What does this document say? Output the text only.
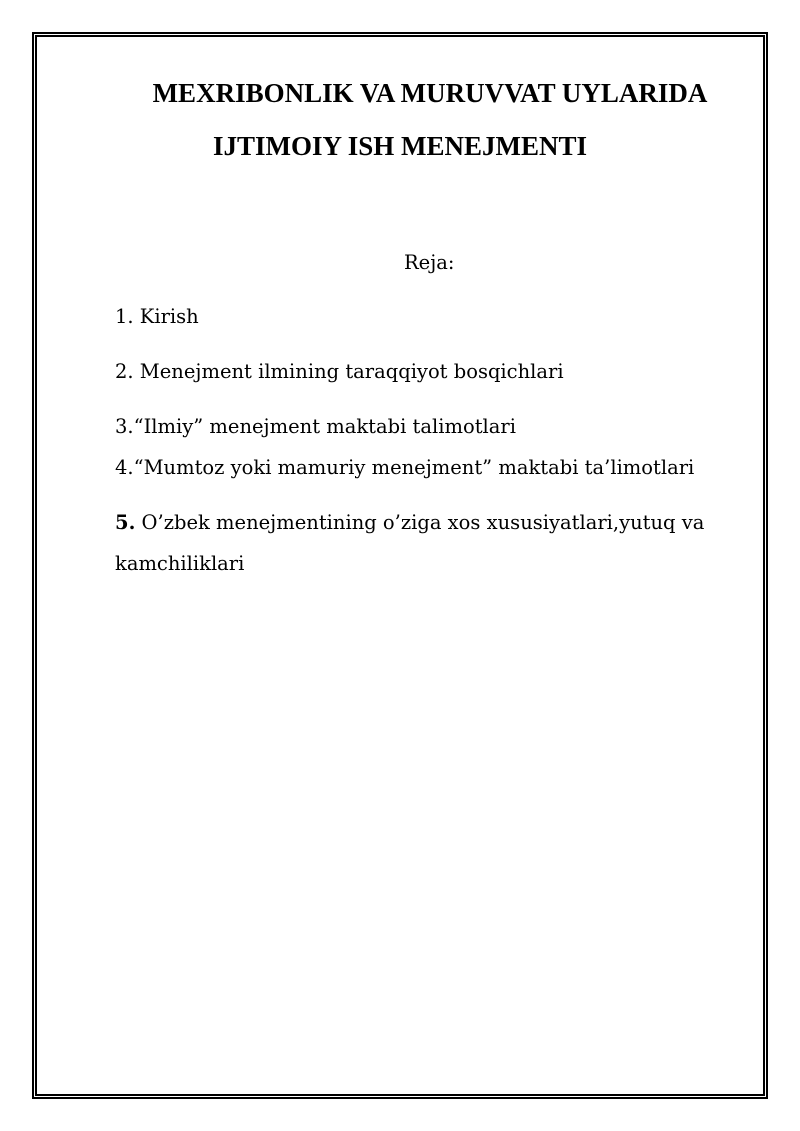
MEXRIBONLIK VA MURUVVAT UYLARIDA
IJTIMOIY ISH MENEJMENTI

Reja:

1. Kirish

2. Menejment ilmining taraqqiyot bosqichlari

3.“Ilmiy” menejment maktabi talimotlari

4.“Mumtoz yoki mamuriy menejment” maktabi ta’limotlari

5. O’zbek menejmentining o’ziga xos xususiyatlari,yutuq va

kamchiliklari
